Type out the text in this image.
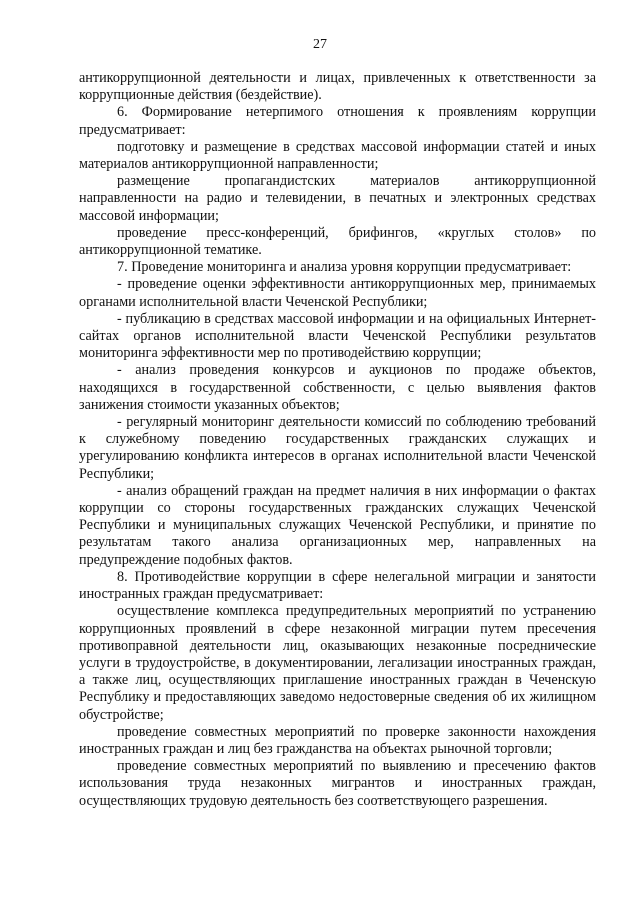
27

антикоррупционной деятельности и лицах, привлеченных к ответственности за коррупционные действия (бездействие).

6. Формирование нетерпимого отношения к проявлениям коррупции предусматривает:

подготовку и размещение в средствах массовой информации статей и иных материалов антикоррупционной направленности;

размещение пропагандистских материалов антикоррупционной направленности на радио и телевидении, в печатных и электронных средствах массовой информации;

проведение пресс-конференций, брифингов, «круглых столов» по антикоррупционной тематике.

7. Проведение мониторинга и анализа уровня коррупции предусматривает:

- проведение оценки эффективности антикоррупционных мер, принимаемых органами исполнительной власти Чеченской Республики;

- публикацию в средствах массовой информации и на официальных Интернет-сайтах органов исполнительной власти Чеченской Республики результатов мониторинга эффективности мер по противодействию коррупции;

- анализ проведения конкурсов и аукционов по продаже объектов, находящихся в государственной собственности, с целью выявления фактов занижения стоимости указанных объектов;

- регулярный мониторинг деятельности комиссий по соблюдению требований к служебному поведению государственных гражданских служащих и урегулированию конфликта интересов в органах исполнительной власти Чеченской Республики;

- анализ обращений граждан на предмет наличия в них информации о фактах коррупции со стороны государственных гражданских служащих Чеченской Республики и муниципальных служащих Чеченской Республики, и принятие по результатам такого анализа организационных мер, направленных на предупреждение подобных фактов.

8. Противодействие коррупции в сфере нелегальной миграции и занятости иностранных граждан предусматривает:

осуществление комплекса предупредительных мероприятий по устранению коррупционных проявлений в сфере незаконной миграции путем пресечения противоправной деятельности лиц, оказывающих незаконные посреднические услуги в трудоустройстве, в документировании, легализации иностранных граждан, а также лиц, осуществляющих приглашение иностранных граждан в Чеченскую Республику и предоставляющих заведомо недостоверные сведения об их жилищном обустройстве;

проведение совместных мероприятий по проверке законности нахождения иностранных граждан и лиц без гражданства на объектах рыночной торговли;

проведение совместных мероприятий по выявлению и пресечению фактов использования труда незаконных мигрантов и иностранных граждан, осуществляющих трудовую деятельность без соответствующего разрешения.
